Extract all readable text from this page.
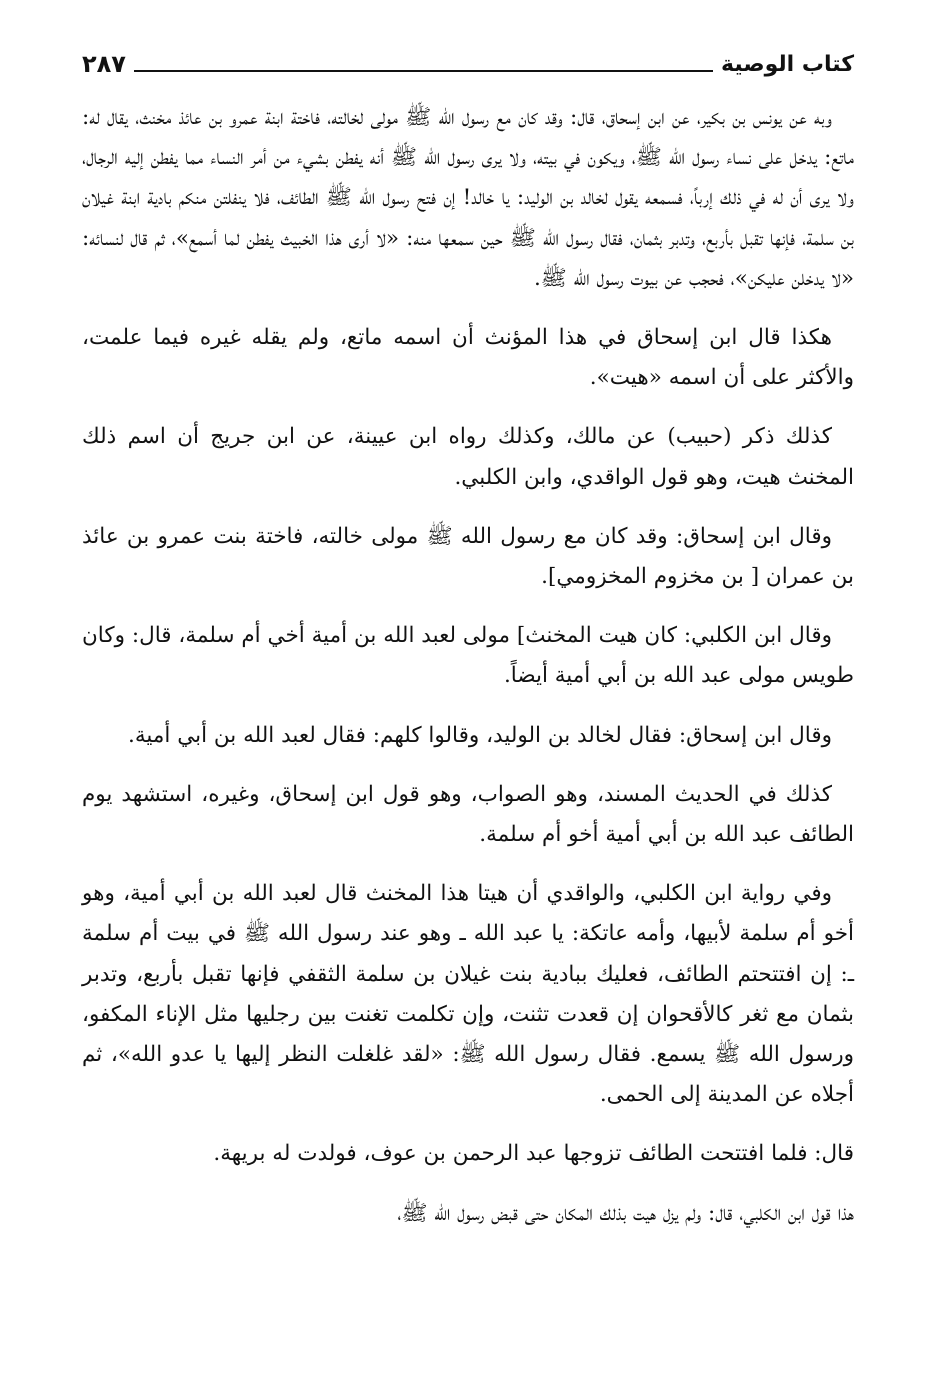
كتاب الوصية
٢٨٧

وبه عن يونس بن بكير، عن ابن إسحاق، قال: وقد كان مع رسول الله ﷺ مولى لخالته، فاختة ابنة عمرو بن عائذ مخنث، يقال له: ماتع: يدخل على نساء رسول الله ﷺ، ويكون في بيته، ولا يرى رسول الله ﷺ أنه يفطن بشيء من أمر النساء مما يفطن إليه الرجال، ولا يرى أن له في ذلك إرباً، فسمعه يقول لخالد بن الوليد: يا خالد! إن فتح رسول الله ﷺ الطائف، فلا ينفلتن منكم بادية ابنة غيلان بن سلمة، فإنها تقبل بأربع، وتدبر بثمان، فقال رسول الله ﷺ حين سمعها منه: «لا أرى هذا الخبيث يفطن لما أسمع»، ثم قال لنسائه: «لا يدخلن عليكن»، فحجب عن بيوت رسول الله ﷺ.

هكذا قال ابن إسحاق في هذا المؤنث أن اسمه ماتع، ولم يقله غيره فيما علمت، والأكثر على أن اسمه «هيت».

كذلك ذكر (حبيب) عن مالك، وكذلك رواه ابن عيينة، عن ابن جريج أن اسم ذلك المخنث هيت، وهو قول الواقدي، وابن الكلبي.

وقال ابن إسحاق: وقد كان مع رسول الله ﷺ مولى خالته، فاختة بنت عمرو بن عائذ بن عمران [ بن مخزوم المخزومي].

وقال ابن الكلبي: كان هيت المخنث] مولى لعبد الله بن أمية أخي أم سلمة، قال: وكان طويس مولى عبد الله بن أبي أمية أيضاً.

وقال ابن إسحاق: فقال لخالد بن الوليد، وقالوا كلهم: فقال لعبد الله بن أبي أمية.

كذلك في الحديث المسند، وهو الصواب، وهو قول ابن إسحاق، وغيره، استشهد يوم الطائف عبد الله بن أبي أمية أخو أم سلمة.

وفي رواية ابن الكلبي، والواقدي أن هيتا هذا المخنث قال لعبد الله بن أبي أمية، وهو أخو أم سلمة لأبيها، وأمه عاتكة: يا عبد الله ـ وهو عند رسول الله ﷺ في بيت أم سلمة ـ: إن افتتحتم الطائف، فعليك ببادية بنت غيلان بن سلمة الثقفي فإنها تقبل بأربع، وتدبر بثمان مع ثغر كالأقحوان إن قعدت تثنت، وإن تكلمت تغنت بين رجليها مثل الإناء المكفو، ورسول الله ﷺ يسمع. فقال رسول الله ﷺ: «لقد غلغلت النظر إليها يا عدو الله»، ثم أجلاه عن المدينة إلى الحمى.

قال: فلما افتتحت الطائف تزوجها عبد الرحمن بن عوف، فولدت له بريهة.

هذا قول ابن الكلبي، قال: ولم يزل هيت بذلك المكان حتى قبض رسول الله ﷺ،
